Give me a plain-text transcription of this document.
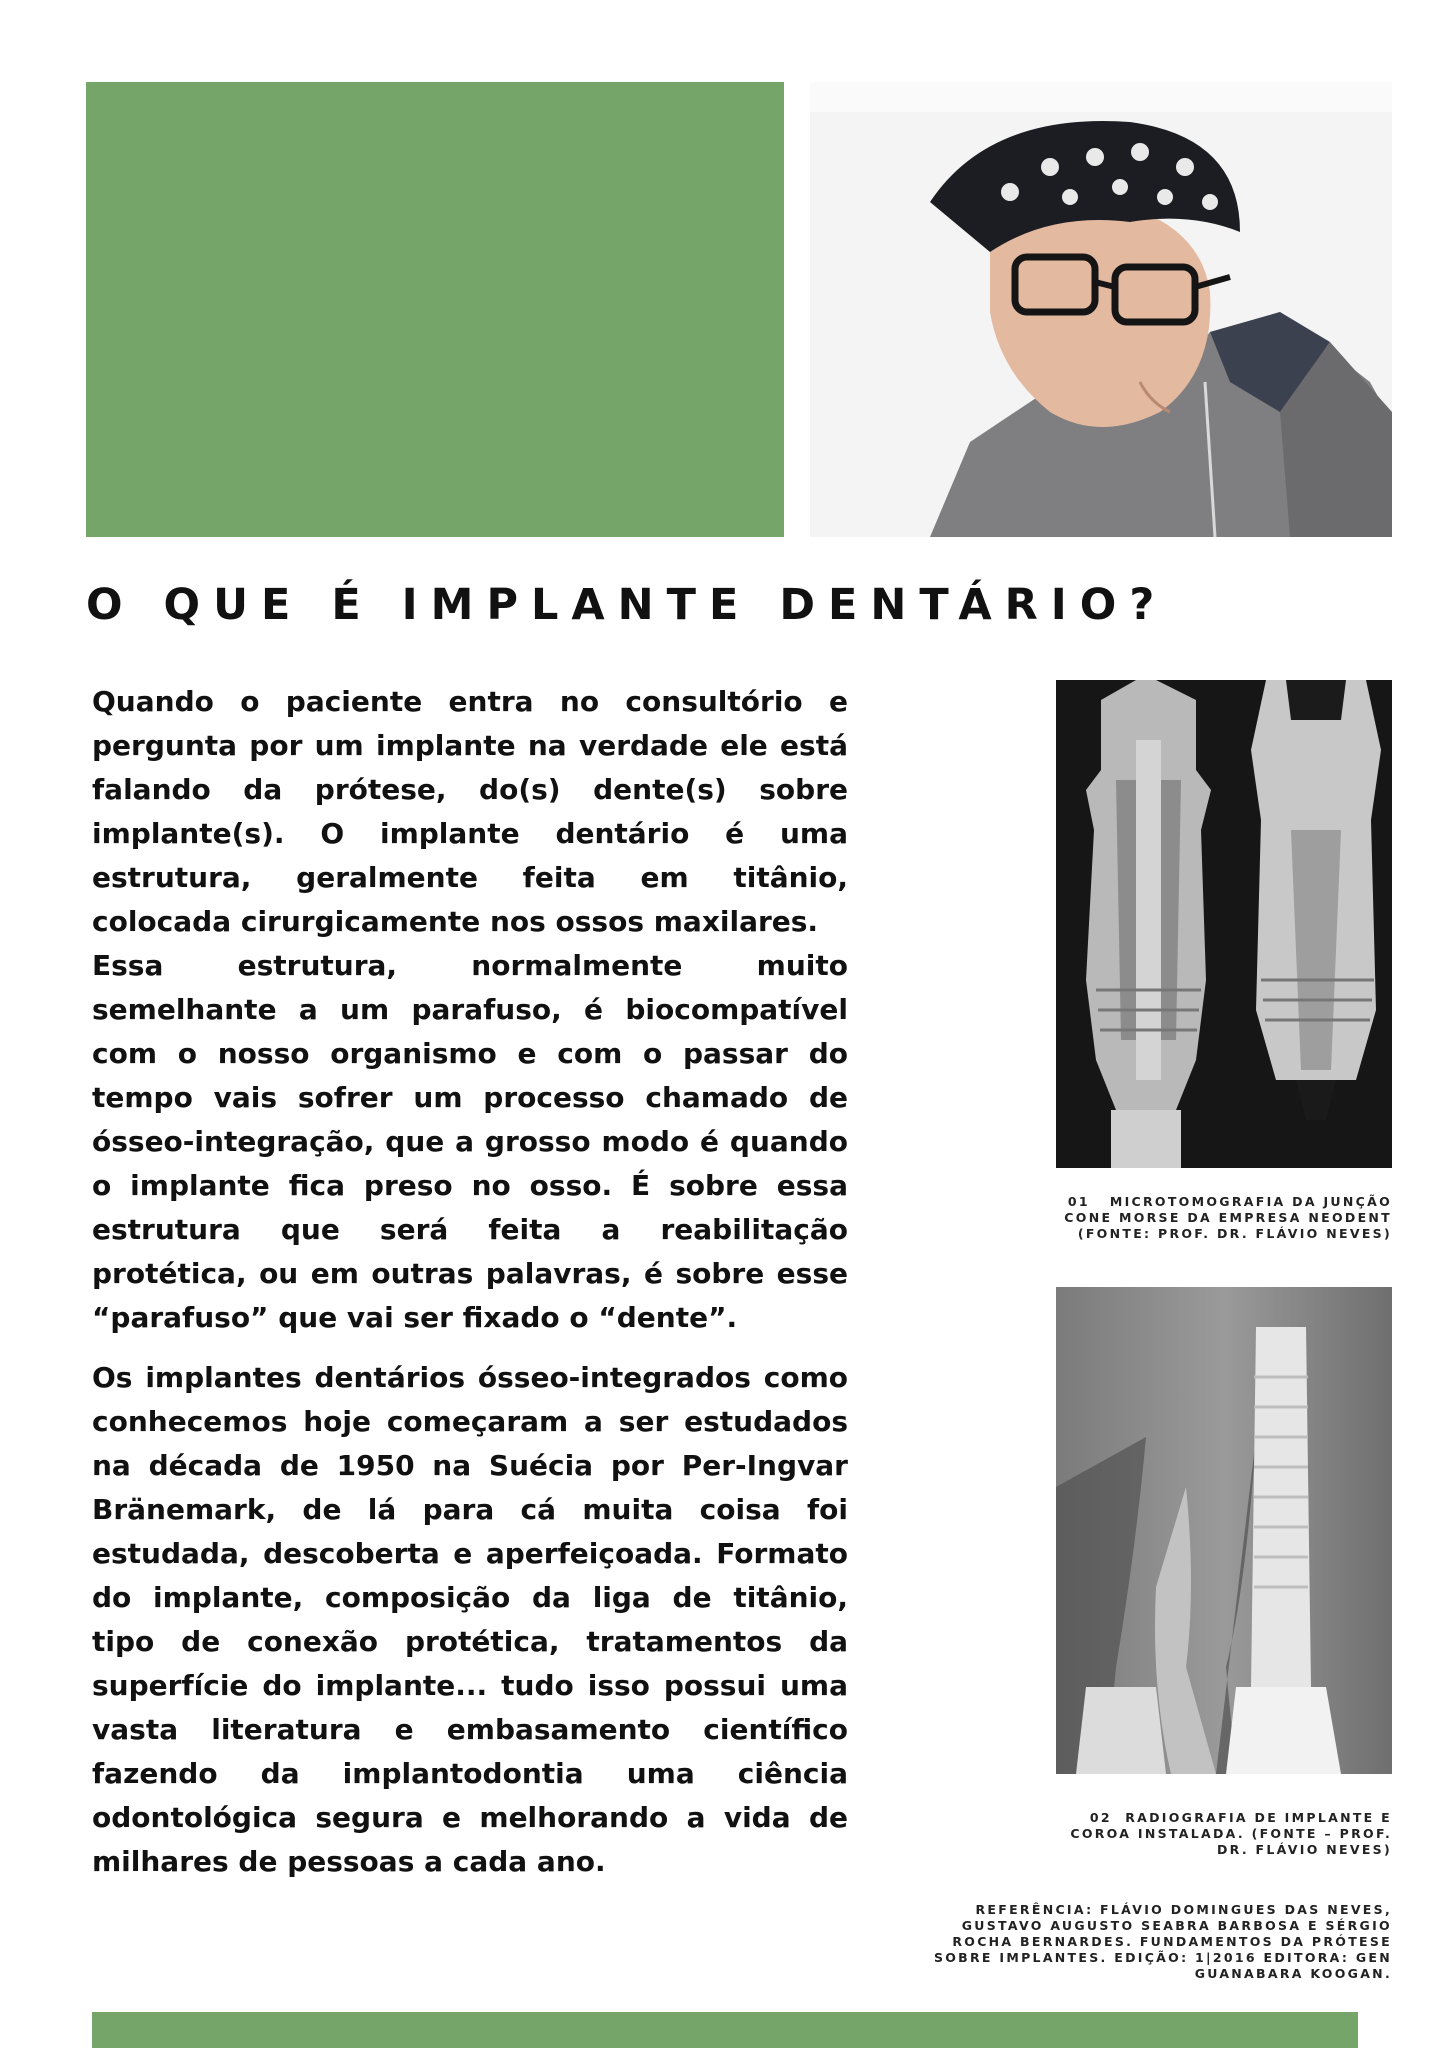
O QUE É IMPLANTE DENTÁRIO?

Quando o paciente entra no consultório e pergunta por um implante na verdade ele está falando da prótese, do(s) dente(s) sobre implante(s). O implante dentário é uma estrutura, geralmente feita em titânio, colocada cirurgicamente nos ossos maxilares.

Essa estrutura, normalmente muito semelhante a um parafuso, é biocompatível com o nosso organismo e com o passar do tempo vais sofrer um processo chamado de ósseo-integração, que a grosso modo é quando o implante fica preso no osso. É sobre essa estrutura que será feita a reabilitação protética, ou em outras palavras, é sobre esse “parafuso” que vai ser fixado o “dente”.

Os implantes dentários ósseo-integrados como conhecemos hoje começaram a ser estudados na década de 1950 na Suécia por Per-Ingvar Bränemark, de lá para cá muita coisa foi estudada, descoberta e aperfeiçoada. Formato do implante, composição da liga de titânio, tipo de conexão protética, tratamentos da superfície do implante... tudo isso possui uma vasta literatura e embasamento científico fazendo da implantodontia uma ciência odontológica segura e melhorando a vida de milhares de pessoas a cada ano.

01 MICROTOMOGRAFIA DA JUNÇÃO CONE MORSE DA EMPRESA NEODENT (FONTE: PROF. DR. FLÁVIO NEVES)
02 RADIOGRAFIA DE IMPLANTE E COROA INSTALADA. (FONTE – PROF. DR. FLÁVIO NEVES)
REFERÊNCIA: FLÁVIO DOMINGUES DAS NEVES, GUSTAVO AUGUSTO SEABRA BARBOSA E SÉRGIO ROCHA BERNARDES. FUNDAMENTOS DA PRÓTESE SOBRE IMPLANTES. EDIÇÃO: 1|2016 EDITORA: GEN GUANABARA KOOGAN.
